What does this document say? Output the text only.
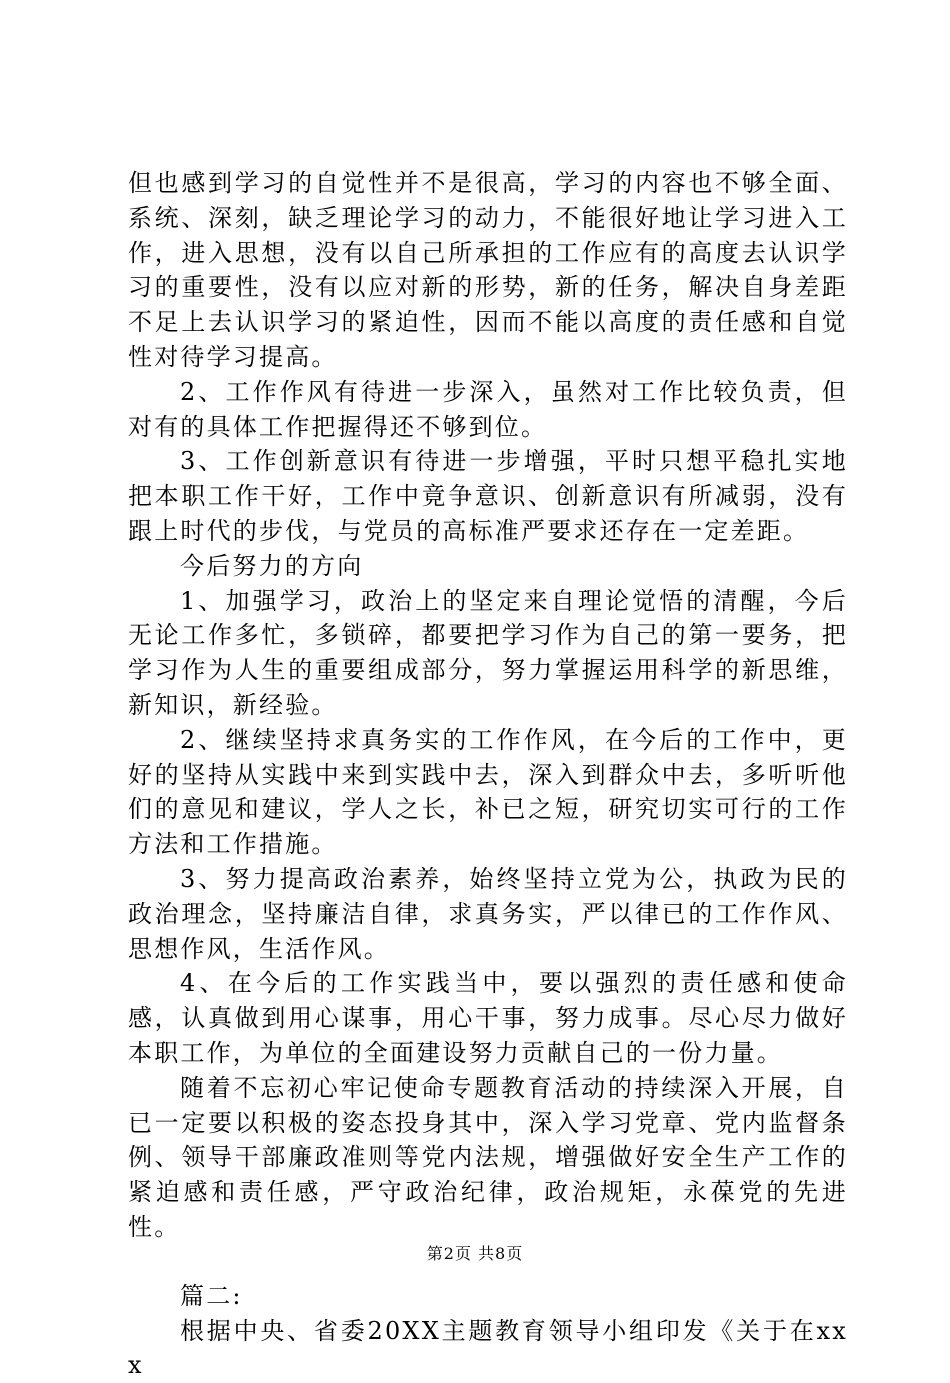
但也感到学习的自觉性并不是很高，学习的内容也不够全面、系统、深刻，缺乏理论学习的动力，不能很好地让学习进入工作，进入思想，没有以自己所承担的工作应有的高度去认识学习的重要性，没有以应对新的形势，新的任务，解决自身差距不足上去认识学习的紧迫性，因而不能以高度的责任感和自觉性对待学习提高。

2、工作作风有待进一步深入，虽然对工作比较负责，但对有的具体工作把握得还不够到位。

3、工作创新意识有待进一步增强，平时只想平稳扎实地把本职工作干好，工作中竟争意识、创新意识有所减弱，没有跟上时代的步伐，与党员的高标准严要求还存在一定差距。

今后努力的方向

1、加强学习，政治上的坚定来自理论觉悟的清醒，今后无论工作多忙，多锁碎，都要把学习作为自己的第一要务，把学习作为人生的重要组成部分，努力掌握运用科学的新思维，新知识，新经验。

2、继续坚持求真务实的工作作风，在今后的工作中，更好的坚持从实践中来到实践中去，深入到群众中去，多听听他们的意见和建议，学人之长，补已之短，研究切实可行的工作方法和工作措施。

3、努力提高政治素养，始终坚持立党为公，执政为民的政治理念，坚持廉洁自律，求真务实，严以律已的工作作风、思想作风，生活作风。

4、在今后的工作实践当中，要以强烈的责任感和使命感，认真做到用心谋事，用心干事，努力成事。尽心尽力做好本职工作，为单位的全面建设努力贡献自己的一份力量。

随着不忘初心牢记使命专题教育活动的持续深入开展，自已一定要以积极的姿态投身其中，深入学习党章、党内监督条例、领导干部廉政准则等党内法规，增强做好安全生产工作的紧迫感和责任感，严守政治纪律，政治规矩，永葆党的先进性。

篇二:

根据中央、省委20XX主题教育领导小组印发《关于在xxx

第2页 共8页
